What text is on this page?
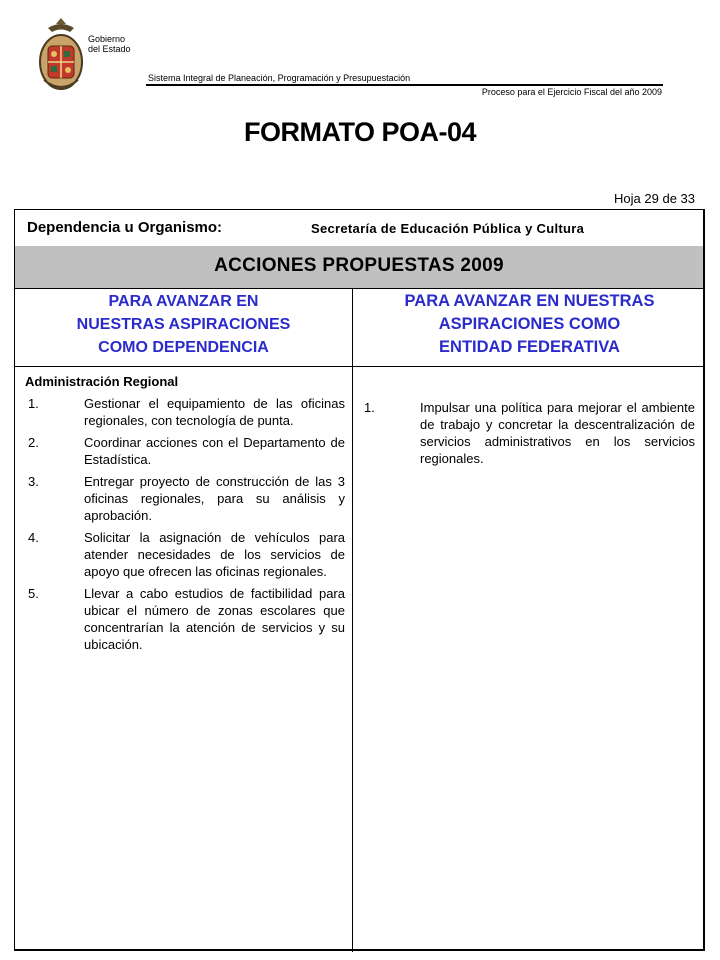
Gobierno
del Estado
Sistema Integral de Planeación, Programación y Presupuestación
Proceso para el Ejercicio Fiscal del año 2009
FORMATO POA-04
Hoja 29 de 33
Dependencia u Organismo:	Secretaría de Educación Pública y Cultura
ACCIONES PROPUESTAS 2009
PARA AVANZAR EN
NUESTRAS ASPIRACIONES
COMO DEPENDENCIA
PARA AVANZAR EN NUESTRAS
ASPIRACIONES COMO
ENTIDAD FEDERATIVA
Administración Regional
1.	Gestionar el equipamiento de las oficinas regionales, con tecnología de punta.
2.	Coordinar acciones con el Departamento de Estadística.
3.	Entregar proyecto de construcción de las 3 oficinas regionales, para su análisis y aprobación.
4.	Solicitar la asignación de vehículos para atender necesidades de los servicios de apoyo que ofrecen las oficinas regionales.
5.	Llevar a cabo estudios de factibilidad para ubicar el número de zonas escolares que concentrarían la atención de servicios y su ubicación.
1.	Impulsar una política para mejorar el ambiente de trabajo y concretar la descentralización de servicios administrativos en los servicios regionales.
